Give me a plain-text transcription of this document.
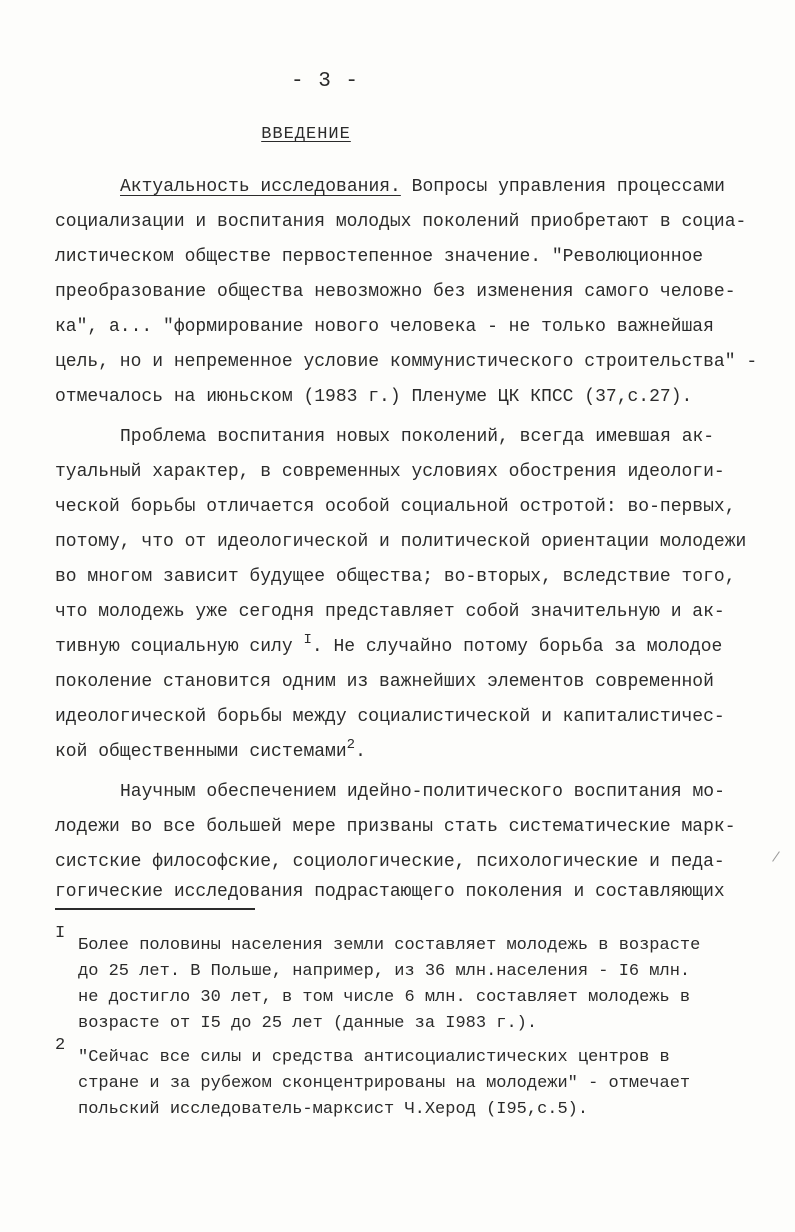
- 3 -
ВВЕДЕНИЕ
Актуальность исследования. Вопросы управления процессами
социализации и воспитания молодых поколений приобретают в социа-
листическом обществе первостепенное значение. "Революционное
преобразование общества невозможно без изменения самого челове-
ка", а... "формирование нового человека - не только важнейшая
цель, но и непременное условие коммунистического строительства" -
отмечалось на июньском (1983 г.) Пленуме ЦК КПСС (37,с.27).
Проблема воспитания новых поколений, всегда имевшая ак-
туальный характер, в современных условиях обострения идеологи-
ческой борьбы отличается особой социальной остротой: во-первых,
потому, что от идеологической и политической ориентации молодежи
во многом зависит будущее общества; во-вторых, вследствие того,
что молодежь уже сегодня представляет собой значительную и ак-
тивную социальную силу $^I$. Не случайно потому борьба за молодое
поколение становится одним из важнейших элементов современной
идеологической борьбы между социалистической и капиталистичес-
кой общественными системами$^2$.
Научным обеспечением идейно-политического воспитания мо-
лодежи во все большей мере призваны стать систематические марк-
систские философские, социологические, психологические и педа-
гогические исследования подрастающего поколения и составляющих
I
Более половины населения земли составляет молодежь в возрасте
до 25 лет. В Польше, например, из 36 млн.населения - I6 млн.
не достигло 30 лет, в том числе 6 млн. составляет молодежь в
возрасте от I5 до 25 лет (данные за I983 г.).
2
"Сейчас все силы и средства антисоциалистических центров в
стране и за рубежом сконцентрированы на молодежи" - отмечает
польский исследователь-марксист Ч.Херод (I95,с.5).
